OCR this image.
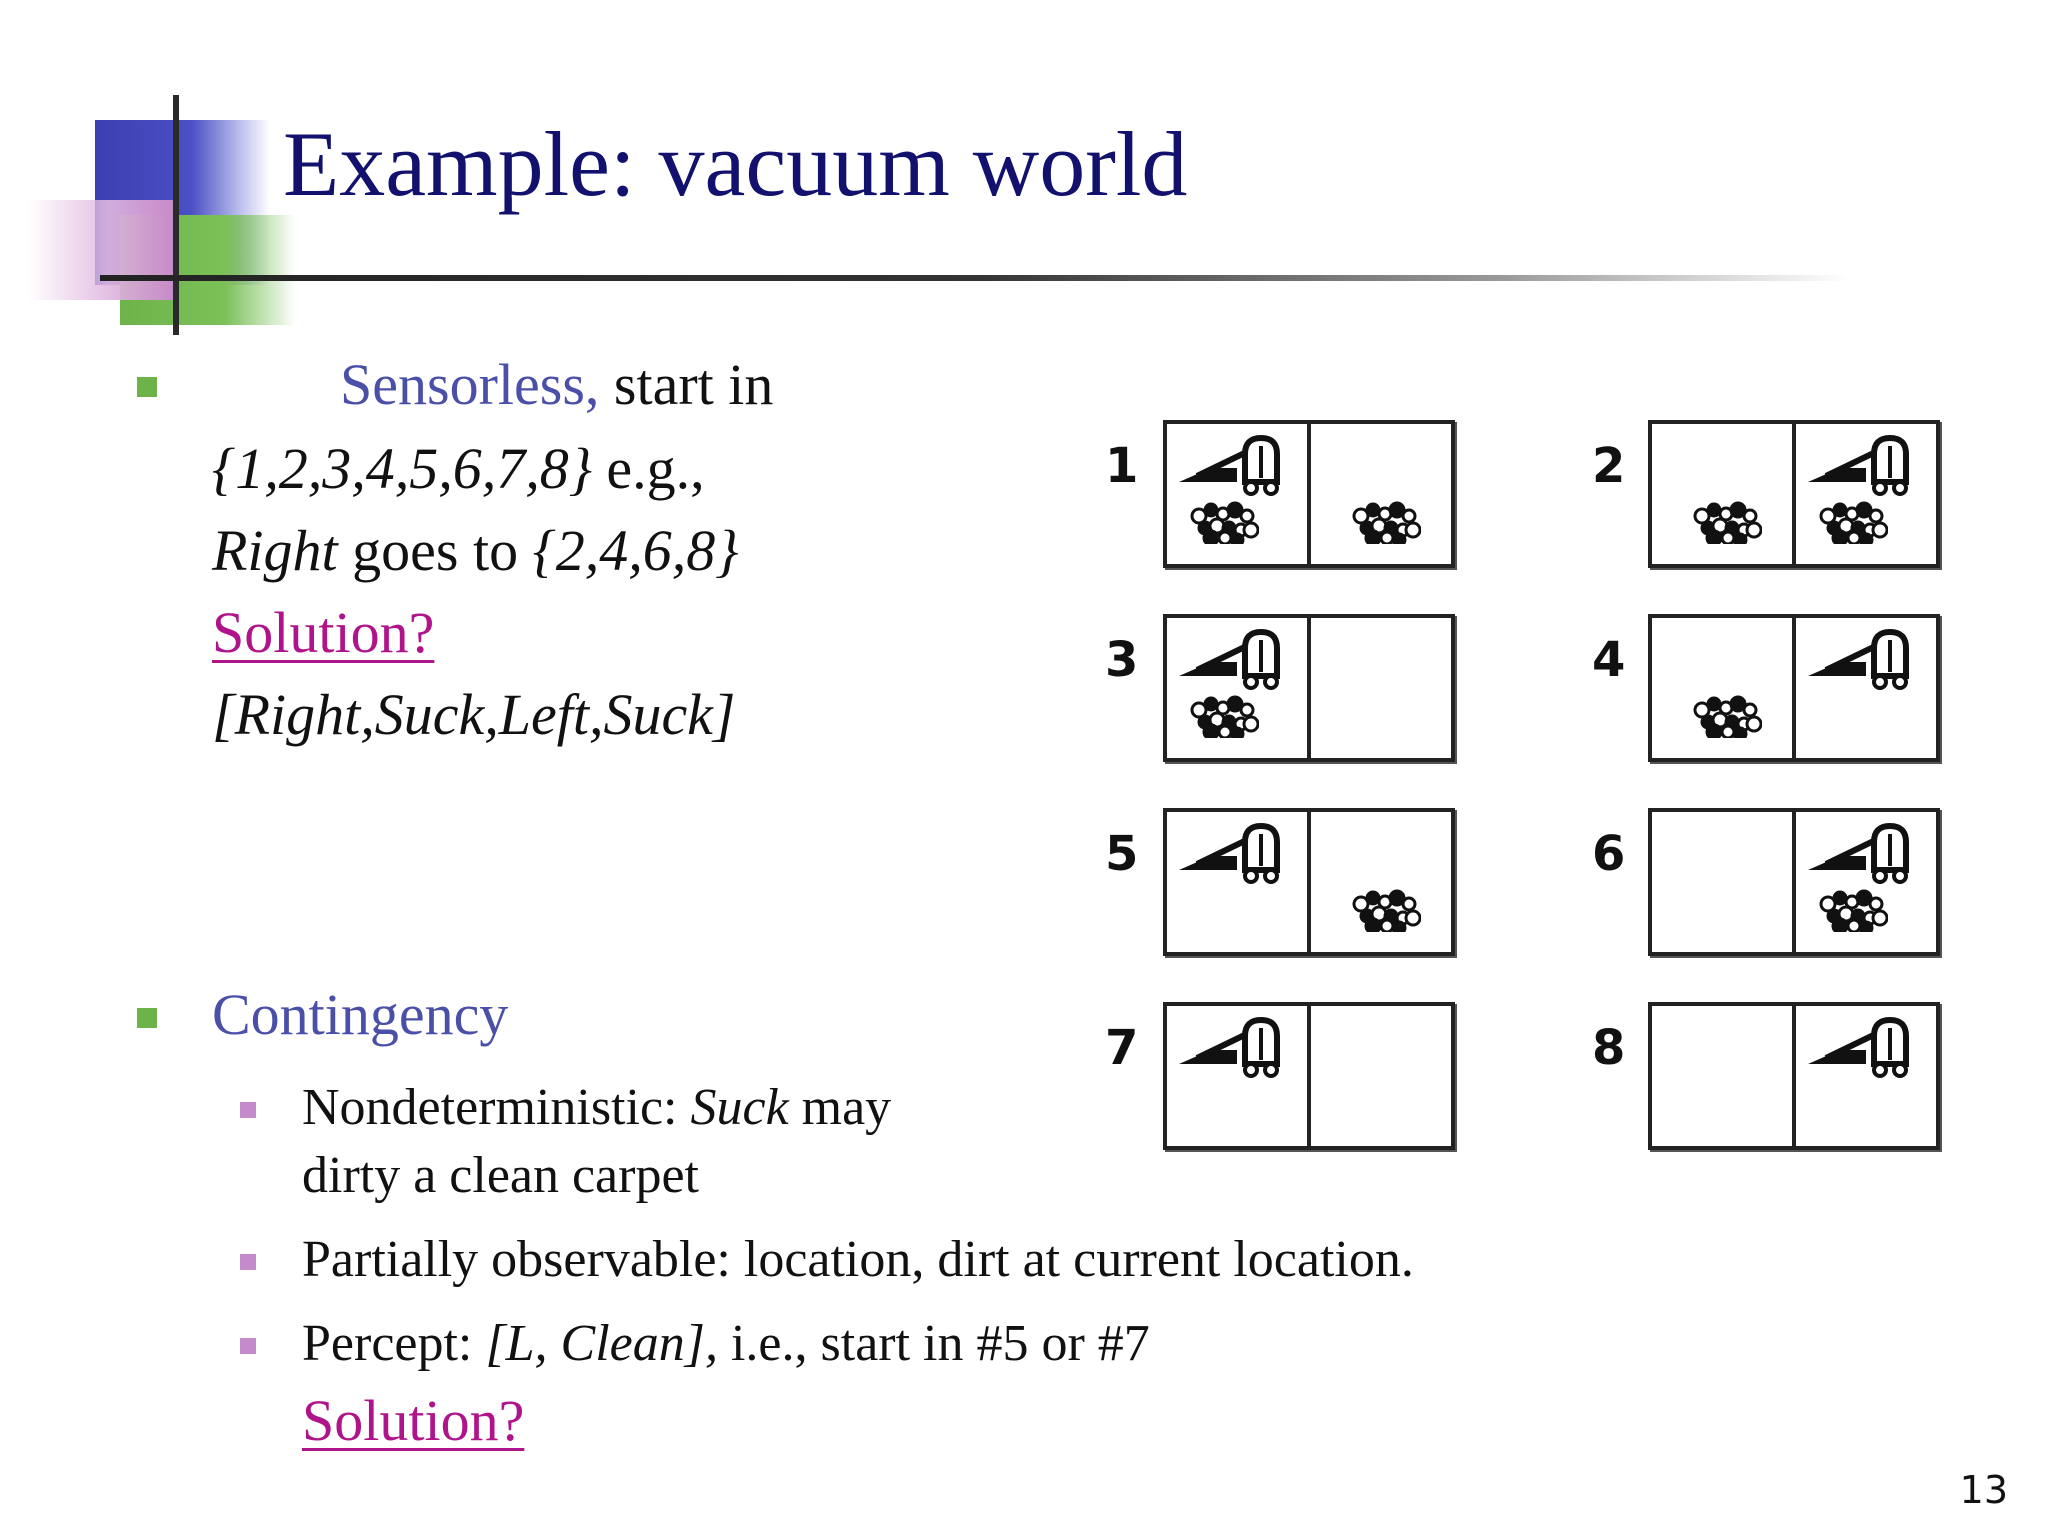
Example: vacuum world
Sensorless, start in
{1,2,3,4,5,6,7,8} e.g.,
Right goes to {2,4,6,8}
Solution?
[Right,Suck,Left,Suck]
Contingency
Nondeterministic: Suck may
dirty a clean carpet
Partially observable: location, dirt at current location.
Percept: [L, Clean], i.e., start in #5 or #7
Solution?
1	2
3	4
5	6
7	8
13
